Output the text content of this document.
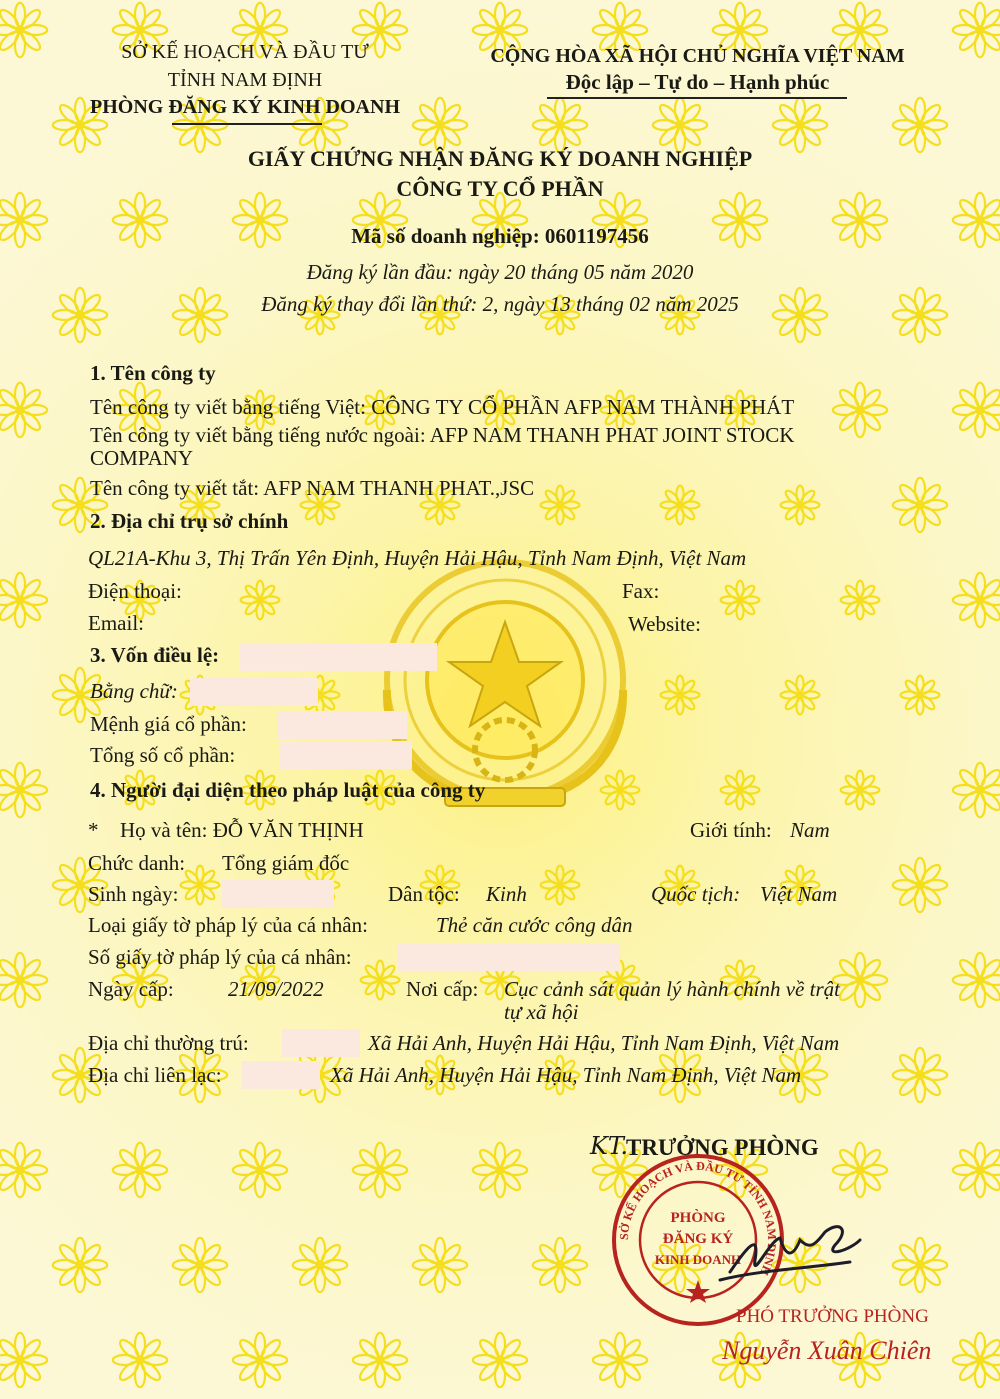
SỞ KẾ HOẠCH VÀ ĐẦU TƯ
TỈNH NAM ĐỊNH
PHÒNG ĐĂNG KÝ KINH DOANH
CỘNG HÒA XÃ HỘI CHỦ NGHĨA VIỆT NAM
Độc lập – Tự do – Hạnh phúc
GIẤY CHỨNG NHẬN ĐĂNG KÝ DOANH NGHIỆP
CÔNG TY CỔ PHẦN
Mã số doanh nghiệp: 0601197456
Đăng ký lần đầu: ngày 20 tháng 05 năm 2020
Đăng ký thay đổi lần thứ: 2, ngày 13 tháng 02 năm 2025
1. Tên công ty
Tên công ty viết bằng tiếng Việt: CÔNG TY CỔ PHẦN AFP NAM THÀNH PHÁT
Tên công ty viết bằng tiếng nước ngoài: AFP NAM THANH PHAT JOINT STOCK
COMPANY
Tên công ty viết tắt: AFP NAM THANH PHAT.,JSC
2. Địa chỉ trụ sở chính
QL21A-Khu 3, Thị Trấn Yên Định, Huyện Hải Hậu, Tỉnh Nam Định, Việt Nam
Điện thoại:	Fax:
Email:	Website:
3. Vốn điều lệ:
Bằng chữ:
Mệnh giá cổ phần:
Tổng số cổ phần:
4. Người đại diện theo pháp luật của công ty
* Họ và tên: ĐỖ VĂN THỊNH	Giới tính: Nam
Chức danh: Tổng giám đốc
Sinh ngày:	Dân tộc: Kinh	Quốc tịch: Việt Nam
Loại giấy tờ pháp lý của cá nhân:	Thẻ căn cước công dân
Số giấy tờ pháp lý của cá nhân:
Ngày cấp:	21/09/2022	Nơi cấp: Cục cảnh sát quản lý hành chính về trật
tự xã hội
Địa chỉ thường trú:	Xã Hải Anh, Huyện Hải Hậu, Tỉnh Nam Định, Việt Nam
Địa chỉ liên lạc:	Xã Hải Anh, Huyện Hải Hậu, Tỉnh Nam Định, Việt Nam
KT.
TRƯỞNG PHÒNG
SỞ KẾ HOẠCH VÀ ĐẦU TƯ TỈNH NAM ĐỊNH
PHÒNG
ĐĂNG KÝ
KINH DOANH
PHÓ TRƯỞNG PHÒNG
Nguyễn Xuân Chiên
